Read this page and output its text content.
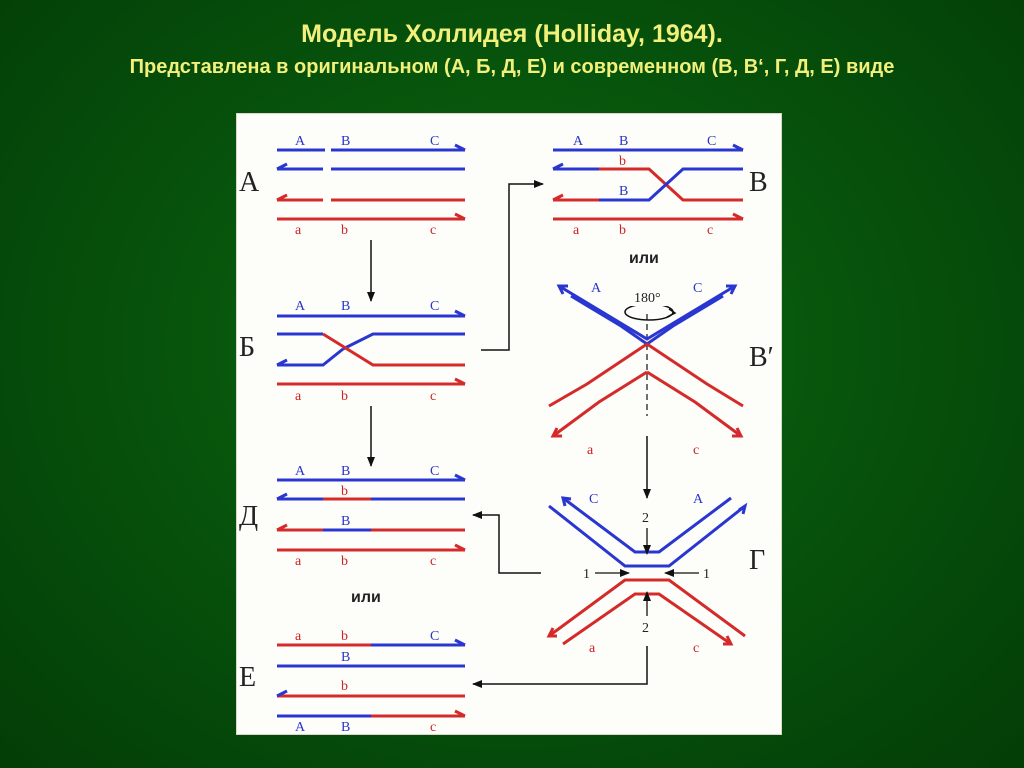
Модель Холлидея (Holliday, 1964).
Представлена в оригинальном (А, Б, Д, Е) и современном (В, В‘, Г, Д, Е) виде
А
A	B	C
a	b	c
Б
A	B	C
a	b	c
Д
A	B	C
b
B
a	b	c
или
Е
a	b	C
B
b
A	B	c
В
A	B	C
b
B
a	b	c
или
В′
A	C
180°
a	c
Г
C	A
2
2
1	1
a	c
